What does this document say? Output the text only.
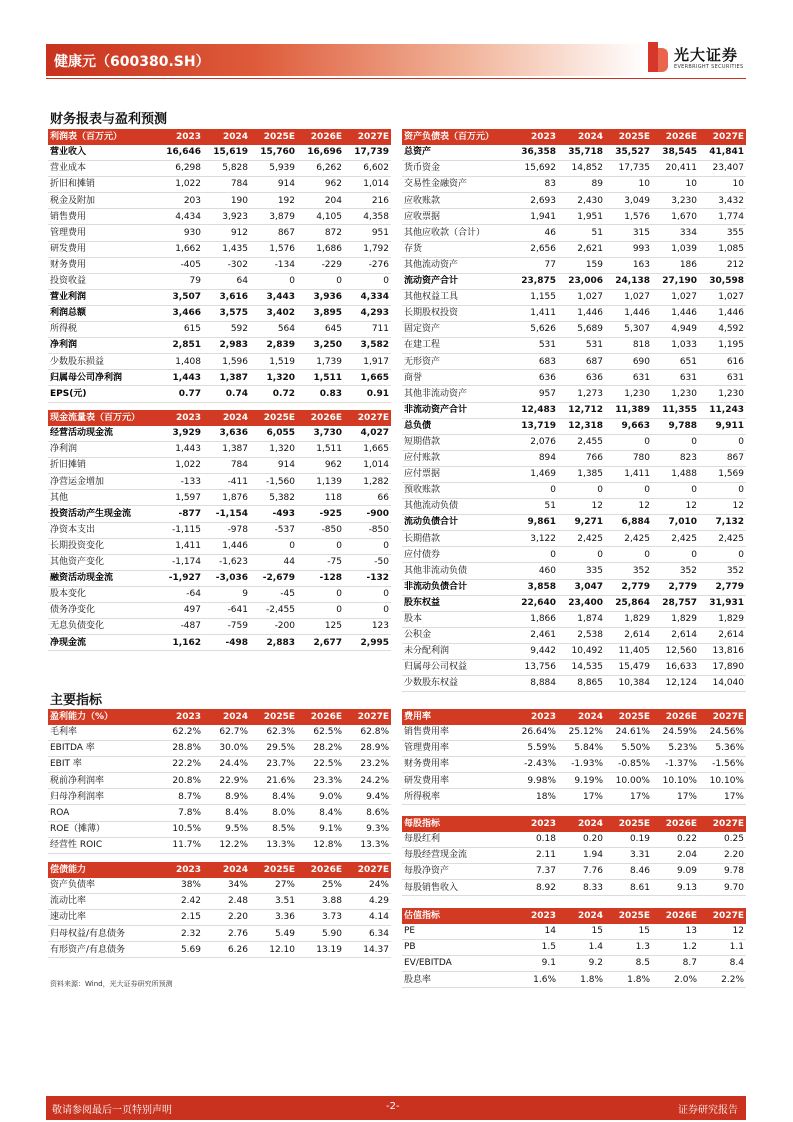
健康元（600380.SH）	光大证券
EVERBRIGHT SECURITIES
财务报表与盈利预测
利润表（百万元）	2023	2024	2025E	2026E	2027E
营业收入	16,646	15,619	15,760	16,696	17,739
营业成本	6,298	5,828	5,939	6,262	6,602
折旧和摊销	1,022	784	914	962	1,014
税金及附加	203	190	192	204	216
销售费用	4,434	3,923	3,879	4,105	4,358
管理费用	930	912	867	872	951
研发费用	1,662	1,435	1,576	1,686	1,792
财务费用	-405	-302	-134	-229	-276
投资收益	79	64	0	0	0
营业利润	3,507	3,616	3,443	3,936	4,334
利润总额	3,466	3,575	3,402	3,895	4,293
所得税	615	592	564	645	711
净利润	2,851	2,983	2,839	3,250	3,582
少数股东损益	1,408	1,596	1,519	1,739	1,917
归属母公司净利润	1,443	1,387	1,320	1,511	1,665
EPS(元)	0.77	0.74	0.72	0.83	0.91
现金流量表（百万元）	2023	2024	2025E	2026E	2027E
经营活动现金流	3,929	3,636	6,055	3,730	4,027
净利润	1,443	1,387	1,320	1,511	1,665
折旧摊销	1,022	784	914	962	1,014
净营运金增加	-133	-411	-1,560	1,139	1,282
其他	1,597	1,876	5,382	118	66
投资活动产生现金流	-877	-1,154	-493	-925	-900
净资本支出	-1,115	-978	-537	-850	-850
长期投资变化	1,411	1,446	0	0	0
其他资产变化	-1,174	-1,623	44	-75	-50
融资活动现金流	-1,927	-3,036	-2,679	-128	-132
股本变化	-64	9	-45	0	0
债务净变化	497	-641	-2,455	0	0
无息负债变化	-487	-759	-200	125	123
净现金流	1,162	-498	2,883	2,677	2,995
资产负债表（百万元）	2023	2024	2025E	2026E	2027E
总资产	36,358	35,718	35,527	38,545	41,841
货币资金	15,692	14,852	17,735	20,411	23,407
交易性金融资产	83	89	10	10	10
应收账款	2,693	2,430	3,049	3,230	3,432
应收票据	1,941	1,951	1,576	1,670	1,774
其他应收款（合计）	46	51	315	334	355
存货	2,656	2,621	993	1,039	1,085
其他流动资产	77	159	163	186	212
流动资产合计	23,875	23,006	24,138	27,190	30,598
其他权益工具	1,155	1,027	1,027	1,027	1,027
长期股权投资	1,411	1,446	1,446	1,446	1,446
固定资产	5,626	5,689	5,307	4,949	4,592
在建工程	531	531	818	1,033	1,195
无形资产	683	687	690	651	616
商誉	636	636	631	631	631
其他非流动资产	957	1,273	1,230	1,230	1,230
非流动资产合计	12,483	12,712	11,389	11,355	11,243
总负债	13,719	12,318	9,663	9,788	9,911
短期借款	2,076	2,455	0	0	0
应付账款	894	766	780	823	867
应付票据	1,469	1,385	1,411	1,488	1,569
预收账款	0	0	0	0	0
其他流动负债	51	12	12	12	12
流动负债合计	9,861	9,271	6,884	7,010	7,132
长期借款	3,122	2,425	2,425	2,425	2,425
应付债券	0	0	0	0	0
其他非流动负债	460	335	352	352	352
非流动负债合计	3,858	3,047	2,779	2,779	2,779
股东权益	22,640	23,400	25,864	28,757	31,931
股本	1,866	1,874	1,829	1,829	1,829
公积金	2,461	2,538	2,614	2,614	2,614
未分配利润	9,442	10,492	11,405	12,560	13,816
归属母公司权益	13,756	14,535	15,479	16,633	17,890
少数股东权益	8,884	8,865	10,384	12,124	14,040
主要指标
盈利能力（%）	2023	2024	2025E	2026E	2027E
毛利率	62.2%	62.7%	62.3%	62.5%	62.8%
EBITDA 率	28.8%	30.0%	29.5%	28.2%	28.9%
EBIT 率	22.2%	24.4%	23.7%	22.5%	23.2%
税前净利润率	20.8%	22.9%	21.6%	23.3%	24.2%
归母净利润率	8.7%	8.9%	8.4%	9.0%	9.4%
ROA	7.8%	8.4%	8.0%	8.4%	8.6%
ROE（摊薄）	10.5%	9.5%	8.5%	9.1%	9.3%
经营性 ROIC	11.7%	12.2%	13.3%	12.8%	13.3%
费用率	2023	2024	2025E	2026E	2027E
销售费用率	26.64%	25.12%	24.61%	24.59%	24.56%
管理费用率	5.59%	5.84%	5.50%	5.23%	5.36%
财务费用率	-2.43%	-1.93%	-0.85%	-1.37%	-1.56%
研发费用率	9.98%	9.19%	10.00%	10.10%	10.10%
所得税率	18%	17%	17%	17%	17%
偿债能力	2023	2024	2025E	2026E	2027E
资产负债率	38%	34%	27%	25%	24%
流动比率	2.42	2.48	3.51	3.88	4.29
速动比率	2.15	2.20	3.36	3.73	4.14
归母权益/有息债务	2.32	2.76	5.49	5.90	6.34
有形资产/有息债务	5.69	6.26	12.10	13.19	14.37
每股指标	2023	2024	2025E	2026E	2027E
每股红利	0.18	0.20	0.19	0.22	0.25
每股经营现金流	2.11	1.94	3.31	2.04	2.20
每股净资产	7.37	7.76	8.46	9.09	9.78
每股销售收入	8.92	8.33	8.61	9.13	9.70
估值指标	2023	2024	2025E	2026E	2027E
PE	14	15	15	13	12
PB	1.5	1.4	1.3	1.2	1.1
EV/EBITDA	9.1	9.2	8.5	8.7	8.4
股息率	1.6%	1.8%	1.8%	2.0%	2.2%
资料来源：Wind，光大证券研究所预测
敬请参阅最后一页特别声明	-2-	证券研究报告
